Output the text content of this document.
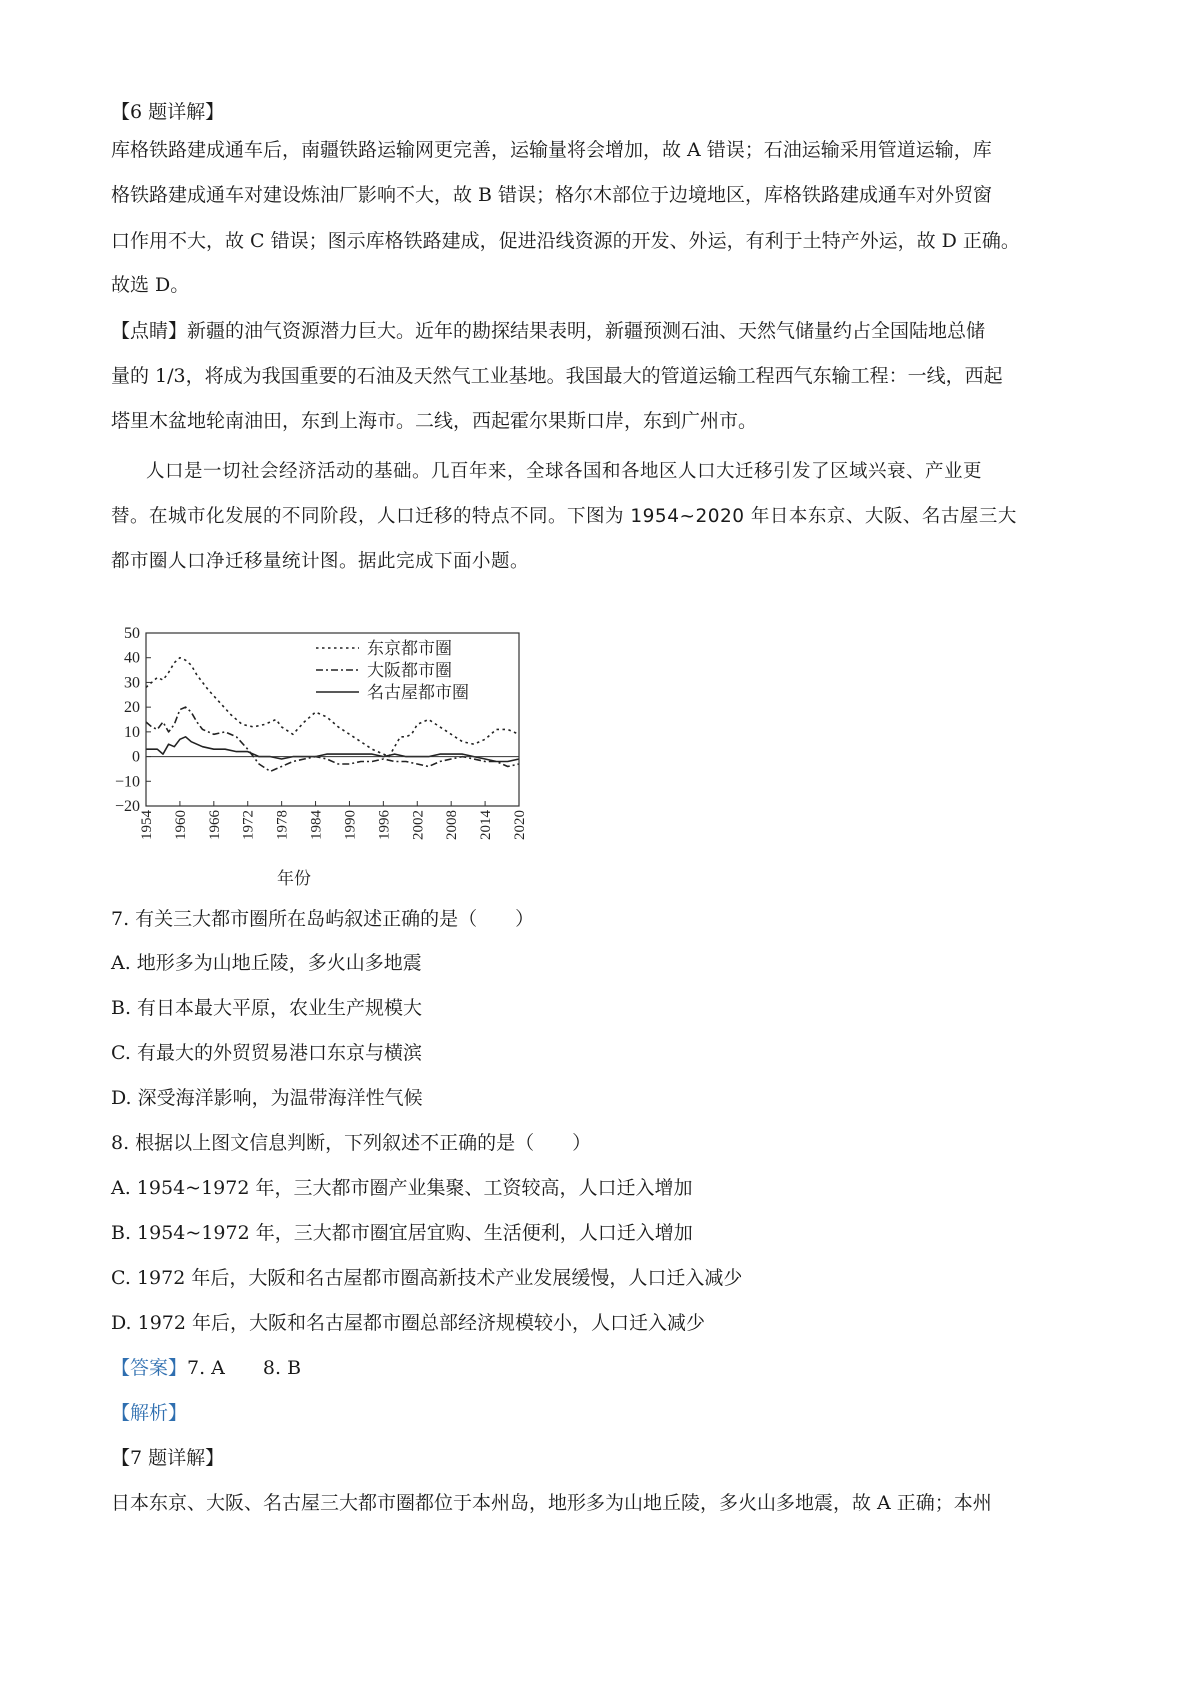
【6 题详解】
库格铁路建成通车后，南疆铁路运输网更完善，运输量将会增加，故 A 错误；石油运输采用管道运输，库
格铁路建成通车对建设炼油厂影响不大，故 B 错误；格尔木部位于边境地区，库格铁路建成通车对外贸窗
口作用不大，故 C 错误；图示库格铁路建成，促进沿线资源的开发、外运，有利于土特产外运，故 D 正确。
故选 D。
【点睛】新疆的油气资源潜力巨大。近年的勘探结果表明，新疆预测石油、天然气储量约占全国陆地总储
量的 1/3，将成为我国重要的石油及天然气工业基地。我国最大的管道运输工程西气东输工程：一线，西起
塔里木盆地轮南油田，东到上海市。二线，西起霍尔果斯口岸，东到广州市。
人口是一切社会经济活动的基础。几百年来，全球各国和各地区人口大迁移引发了区域兴衰、产业更
替。在城市化发展的不同阶段，人口迁移的特点不同。下图为 1954~2020 年日本东京、大阪、名古屋三大
都市圈人口净迁移量统计图。据此完成下面小题。
50
40
30
20
10
0
−10
−20
1954 1960 1966 1972 1978 1984 1990 1996 2002 2008 2014 2020
东京都市圈
大阪都市圈
名古屋都市圈
年份
7. 有关三大都市圈所在岛屿叙述正确的是（　　）
A. 地形多为山地丘陵，多火山多地震
B. 有日本最大平原，农业生产规模大
C. 有最大的外贸贸易港口东京与横滨
D. 深受海洋影响，为温带海洋性气候
8. 根据以上图文信息判断，下列叙述不正确的是（　　）
A. 1954~1972 年，三大都市圈产业集聚、工资较高，人口迁入增加
B. 1954~1972 年，三大都市圈宜居宜购、生活便利，人口迁入增加
C. 1972 年后，大阪和名古屋都市圈高新技术产业发展缓慢，人口迁入减少
D. 1972 年后，大阪和名古屋都市圈总部经济规模较小，人口迁入减少
【答案】7. A　　8. B
【解析】
【7 题详解】
日本东京、大阪、名古屋三大都市圈都位于本州岛，地形多为山地丘陵，多火山多地震，故 A 正确；本州
